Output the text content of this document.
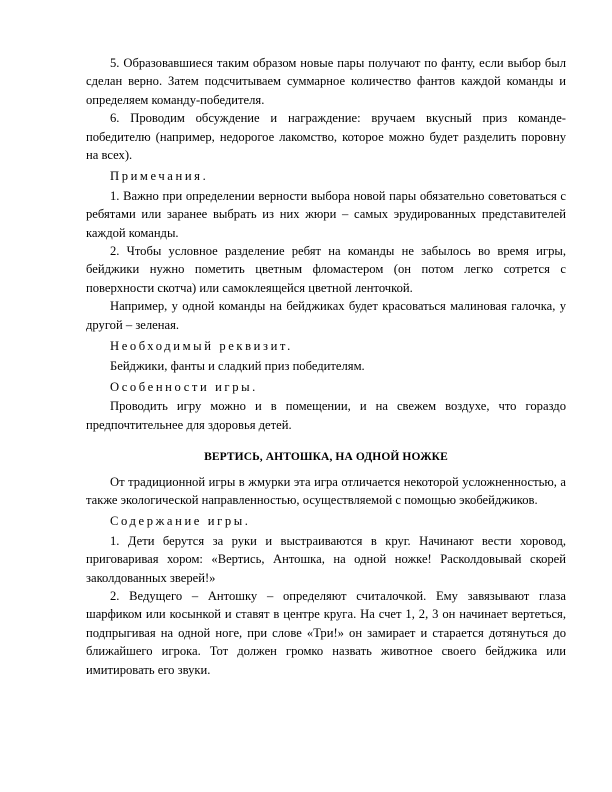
5. Образовавшиеся таким образом новые пары получают по фанту, если выбор был сделан верно. Затем подсчитываем суммарное количество фантов каждой команды и определяем команду-победителя.

6. Проводим обсуждение и награждение: вручаем вкусный приз команде-победителю (например, недорогое лакомство, которое можно будет разделить поровну на всех).

Примечания.

1. Важно при определении верности выбора новой пары обязательно советоваться с ребятами или заранее выбрать из них жюри – самых эрудированных представителей каждой команды.

2. Чтобы условное разделение ребят на команды не забылось во время игры, бейджики нужно пометить цветным фломастером (он потом легко сотрется с поверхности скотча) или самоклеящейся цветной ленточкой.

Например, у одной команды на бейджиках будет красоваться малиновая галочка, у другой – зеленая.

Необходимый реквизит.

Бейджики, фанты и сладкий приз победителям.

Особенности игры.

Проводить игру можно и в помещении, и на свежем воздухе, что гораздо предпочтительнее для здоровья детей.

ВЕРТИСЬ, АНТОШКА, НА ОДНОЙ НОЖКЕ

От традиционной игры в жмурки эта игра отличается некоторой усложненностью, а также экологической направленностью, осуществляемой с помощью экобейджиков.

Содержание игры.

1. Дети берутся за руки и выстраиваются в круг. Начинают вести хоровод, приговаривая хором: «Вертись, Антошка, на одной ножке! Расколдовывай скорей заколдованных зверей!»

2. Ведущего – Антошку – определяют считалочкой. Ему завязывают глаза шарфиком или косынкой и ставят в центре круга. На счет 1, 2, 3 он начинает вертеться, подпрыгивая на одной ноге, при слове «Три!» он замирает и старается дотянуться до ближайшего игрока. Тот должен громко назвать животное своего бейджика или имитировать его звуки.
